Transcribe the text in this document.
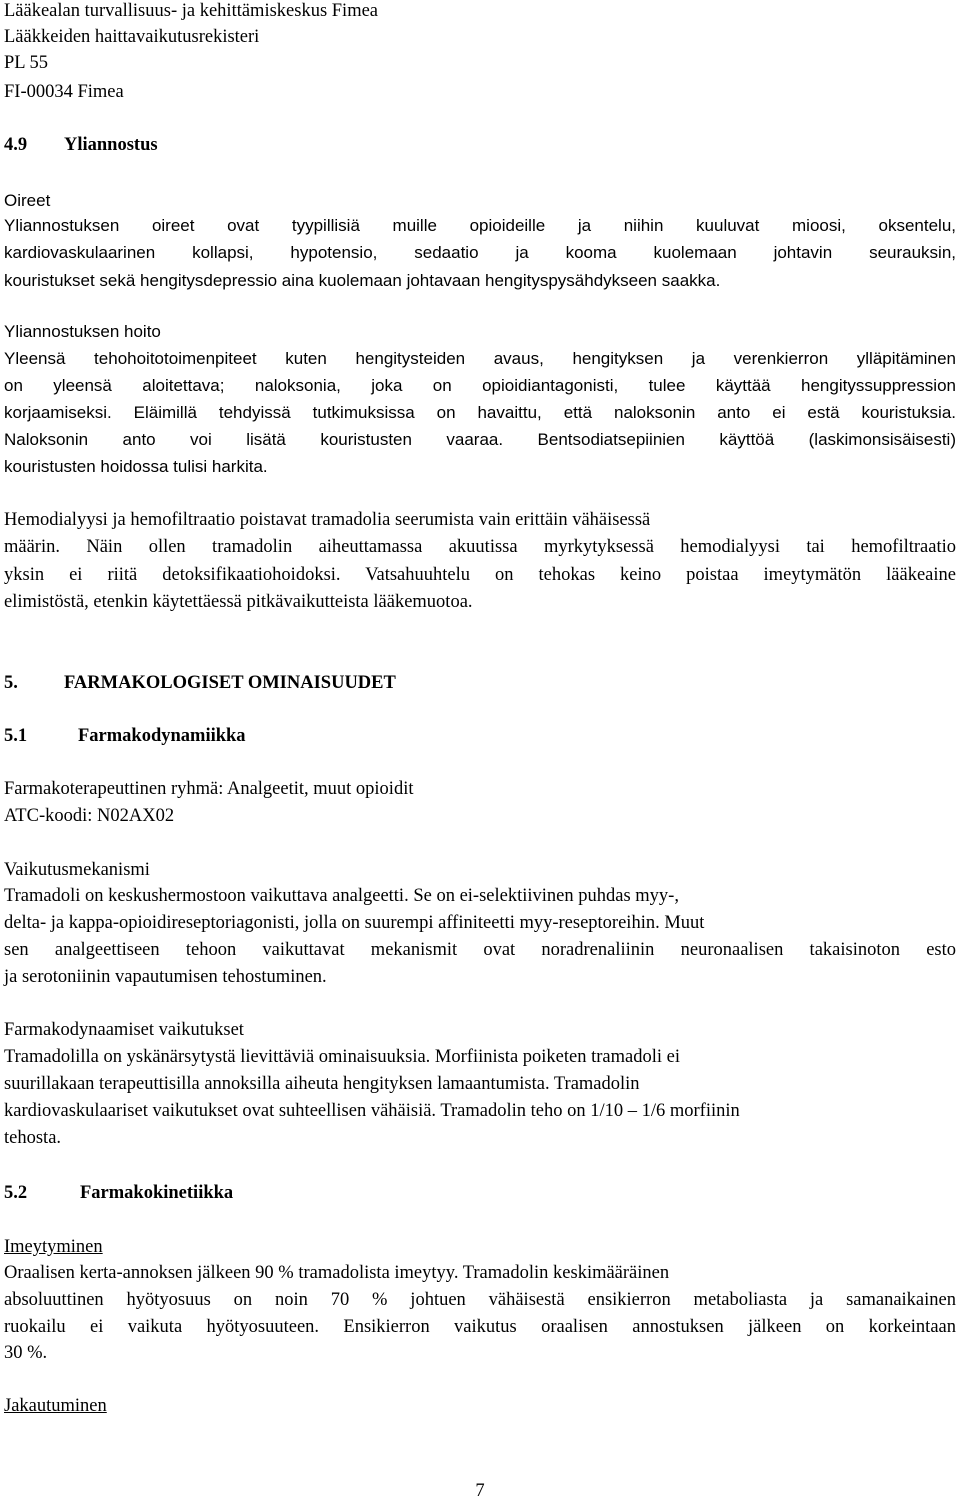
Lääkealan turvallisuus- ja kehittämiskeskus Fimea
Lääkkeiden haittavaikutusrekisteri
PL 55
FI-00034 Fimea
4.9 Yliannostus
Oireet
Yliannostuksen oireet ovat tyypillisiä muille opioideille ja niihin kuuluvat mioosi, oksentelu,
kardiovaskulaarinen kollapsi, hypotensio, sedaatio ja kooma kuolemaan johtavin seurauksin,
kouristukset sekä hengitysdepressio aina kuolemaan johtavaan hengityspysähdykseen saakka.
Yliannostuksen hoito
Yleensä tehohoitotoimenpiteet kuten hengitysteiden avaus, hengityksen ja verenkierron ylläpitäminen
on yleensä aloitettava; naloksonia, joka on opioidiantagonisti, tulee käyttää hengityssuppression
korjaamiseksi. Eläimillä tehdyissä tutkimuksissa on havaittu, että naloksonin anto ei estä kouristuksia.
Naloksonin anto voi lisätä kouristusten vaaraa. Bentsodiatsepiinien käyttöä (laskimonsisäisesti)
kouristusten hoidossa tulisi harkita.
Hemodialyysi ja hemofiltraatio poistavat tramadolia seerumista vain erittäin vähäisessä
määrin. Näin ollen tramadolin aiheuttamassa akuutissa myrkytyksessä hemodialyysi tai hemofiltraatio
yksin ei riitä detoksifikaatiohoidoksi. Vatsahuuhtelu on tehokas keino poistaa imeytymätön lääkeaine
elimistöstä, etenkin käytettäessä pitkävaikutteista lääkemuotoa.
5. FARMAKOLOGISET OMINAISUUDET
5.1	Farmakodynamiikka
Farmakoterapeuttinen ryhmä: Analgeetit, muut opioidit
ATC-koodi: N02AX02
Vaikutusmekanismi
Tramadoli on keskushermostoon vaikuttava analgeetti. Se on ei-selektiivinen puhdas myy-,
delta- ja kappa-opioidireseptoriagonisti, jolla on suurempi affiniteetti myy-reseptoreihin. Muut
sen analgeettiseen tehoon vaikuttavat mekanismit ovat noradrenaliinin neuronaalisen takaisinoton esto
ja serotoniinin vapautumisen tehostuminen.
Farmakodynaamiset vaikutukset
Tramadolilla on yskänärsytystä lievittäviä ominaisuuksia. Morfiinista poiketen tramadoli ei
suurillakaan terapeuttisilla annoksilla aiheuta hengityksen lamaantumista. Tramadolin
kardiovaskulaariset vaikutukset ovat suhteellisen vähäisiä. Tramadolin teho on 1/10 – 1/6 morfiinin
tehosta.
5.2	Farmakokinetiikka
Imeytyminen
Oraalisen kerta-annoksen jälkeen 90 % tramadolista imeytyy. Tramadolin keskimääräinen
absoluuttinen hyötyosuus on noin 70 % johtuen vähäisestä ensikierron metaboliasta ja samanaikainen
ruokailu ei vaikuta hyötyosuuteen. Ensikierron vaikutus oraalisen annostuksen jälkeen on korkeintaan
30 %.
Jakautuminen
7
